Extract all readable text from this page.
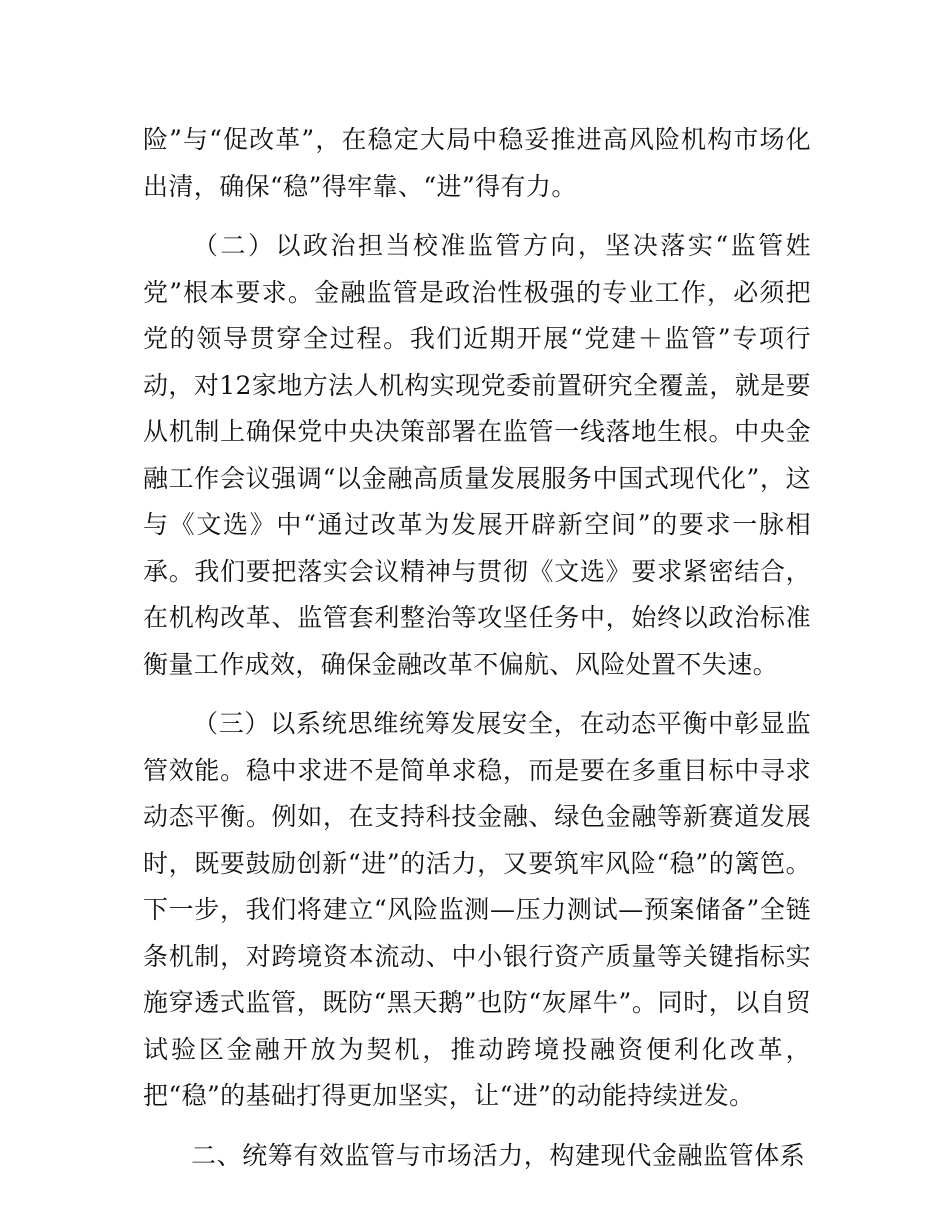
险”与“促改革”，在稳定大局中稳妥推进高风险机构市场化出清，确保“稳”得牢靠、“进”得有力。

（二）以政治担当校准监管方向，坚决落实“监管姓党”根本要求。金融监管是政治性极强的专业工作，必须把党的领导贯穿全过程。我们近期开展“党建＋监管”专项行动，对12家地方法人机构实现党委前置研究全覆盖，就是要从机制上确保党中央决策部署在监管一线落地生根。中央金融工作会议强调“以金融高质量发展服务中国式现代化”，这与《文选》中“通过改革为发展开辟新空间”的要求一脉相承。我们要把落实会议精神与贯彻《文选》要求紧密结合，在机构改革、监管套利整治等攻坚任务中，始终以政治标准衡量工作成效，确保金融改革不偏航、风险处置不失速。

（三）以系统思维统筹发展安全，在动态平衡中彰显监管效能。稳中求进不是简单求稳，而是要在多重目标中寻求动态平衡。例如，在支持科技金融、绿色金融等新赛道发展时，既要鼓励创新“进”的活力，又要筑牢风险“稳”的篱笆。下一步，我们将建立“风险监测—压力测试—预案储备”全链条机制，对跨境资本流动、中小银行资产质量等关键指标实施穿透式监管，既防“黑天鹅”也防“灰犀牛”。同时，以自贸试验区金融开放为契机，推动跨境投融资便利化改革，把“稳”的基础打得更加坚实，让“进”的动能持续迸发。

二、统筹有效监管与市场活力，构建现代金融监管体系
